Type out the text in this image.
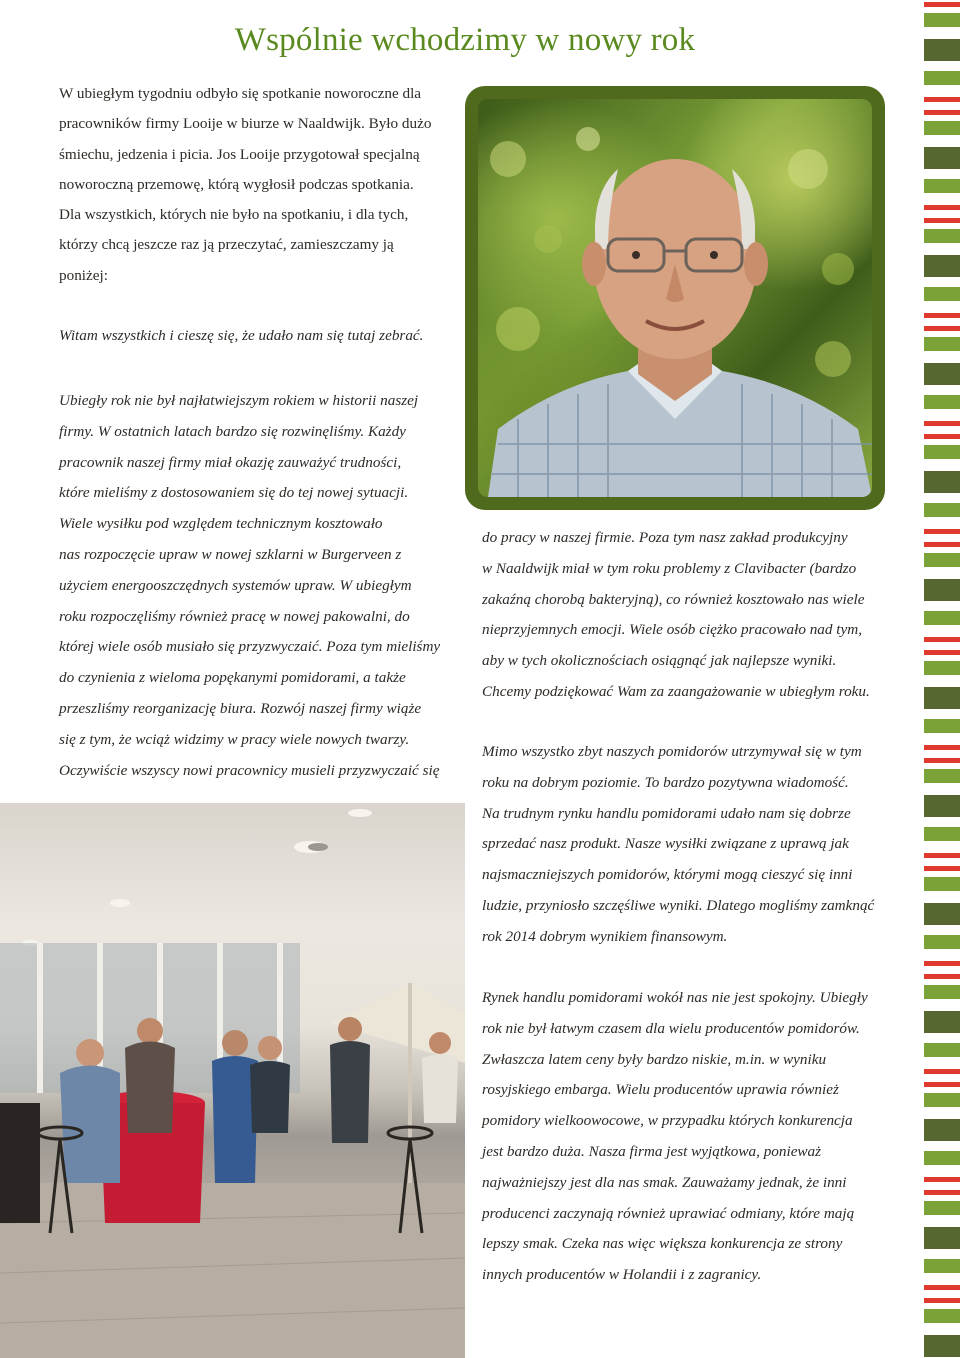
Wspólnie wchodzimy w nowy rok

W ubiegłym tygodniu odbyło się spotkanie noworoczne dla

pracowników firmy Looije w biurze w Naaldwijk. Było dużo

śmiechu, jedzenia i picia. Jos Looije przygotował specjalną

noworoczną przemowę, którą wygłosił podczas spotkania.

Dla wszystkich, których nie było na spotkaniu, i dla tych,

którzy chcą jeszcze raz ją przeczytać, zamieszczamy ją

poniżej:

Witam wszystkich i cieszę się, że udało nam się tutaj zebrać.

Ubiegły rok nie był najłatwiejszym rokiem w historii naszej

firmy. W ostatnich latach bardzo się rozwinęliśmy. Każdy

pracownik naszej firmy miał okazję zauważyć trudności,

które mieliśmy z dostosowaniem się do tej nowej sytuacji.

Wiele wysiłku pod względem technicznym kosztowało

nas rozpoczęcie upraw w nowej szklarni w Burgerveen z

użyciem energooszczędnych systemów upraw. W ubiegłym

roku rozpoczęliśmy również pracę w nowej pakowalni, do

której wiele osób musiało się przyzwyczaić. Poza tym mieliśmy

do czynienia z wieloma popękanymi pomidorami, a także

przeszliśmy reorganizację biura. Rozwój naszej firmy wiąże

się z tym, że wciąż widzimy w pracy wiele nowych twarzy.

Oczywiście wszyscy nowi pracownicy musieli przyzwyczaić się

do pracy w naszej firmie. Poza tym nasz zakład produkcyjny

w Naaldwijk miał w tym roku problemy z Clavibacter (bardzo

zakaźną chorobą bakteryjną), co również kosztowało nas wiele

nieprzyjemnych emocji. Wiele osób ciężko pracowało nad tym,

aby w tych okolicznościach osiągnąć jak najlepsze wyniki.

Chcemy podziękować Wam za zaangażowanie w ubiegłym roku.

Mimo wszystko zbyt naszych pomidorów utrzymywał się w tym

roku na dobrym poziomie. To bardzo pozytywna wiadomość.

Na trudnym rynku handlu pomidorami udało nam się dobrze

sprzedać nasz produkt. Nasze wysiłki związane z uprawą jak

najsmaczniejszych pomidorów, którymi mogą cieszyć się inni

ludzie, przyniosło szczęśliwe wyniki. Dlatego mogliśmy zamknąć

rok 2014 dobrym wynikiem finansowym.

Rynek handlu pomidorami wokół nas nie jest spokojny. Ubiegły

rok nie był łatwym czasem dla wielu producentów pomidorów.

Zwłaszcza latem ceny były bardzo niskie, m.in. w wyniku

rosyjskiego embarga. Wielu producentów uprawia również

pomidory wielkoowocowe, w przypadku których konkurencja

jest bardzo duża. Nasza firma jest wyjątkowa, ponieważ

najważniejszy jest dla nas smak. Zauważamy jednak, że inni

producenci zaczynają również uprawiać odmiany, które mają

lepszy smak. Czeka nas więc większa konkurencja ze strony

innych producentów w Holandii i z zagranicy.
